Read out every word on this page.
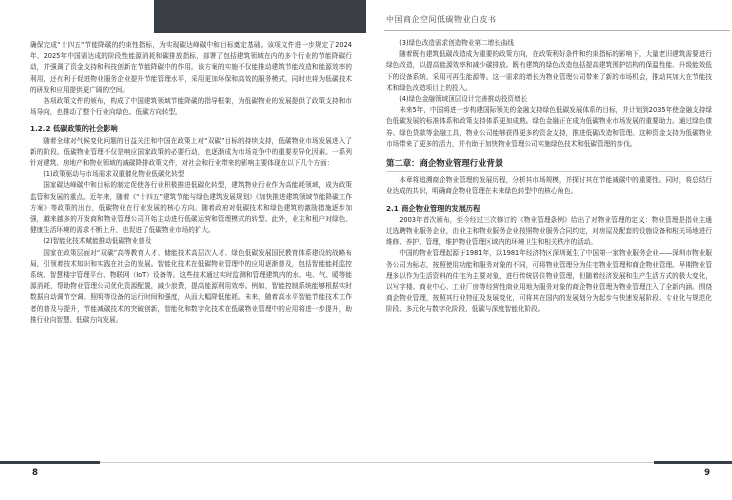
确保完成“十四五”节能降碳的约束性指标，为实现碳达峰碳中和目标奠定基础。该项文件进一步规定了2024年、2025年中国需达成的阶段性能源消耗和碳排放指标，部署了包括建筑领域在内的多个行业的节能降碳行动，并强调了资金支持和科技创新在节能降碳中的作用。该方案的实施不仅能推动建筑节能改造和能源效率的利用，还有利于促进物业服务企业提升节能管理水平，采用更加环保和高效的服务模式，同时也将为低碳技术的研发和应用提供更广阔的空间。

各项政策文件的颁布，构成了中国建筑领域节能降碳的指导框架，为低碳物业的发展提供了政策支持和市场导向，也推动了整个行业向绿色、低碳方向转型。

1.2.2 低碳政策的社会影响

随着全球对气候变化问题的日益关注和中国在政策上对“双碳”目标的持续支持，低碳物业市场发展进入了新的阶段。低碳物业管理不仅是响应国家政策的必要行动，也逐渐成为市场竞争中的重要差异化因素。一系列针对建筑、房地产和物业领域的减碳降排政策文件，对社会和行业带来的影响主要体现在以下几个方面：

(1)政策驱动与市场需求双重催化物业低碳化转型

国家碳达峰碳中和目标的制定促使各行业积极推进低碳化转型，建筑物业行业作为高能耗领域，成为政策监管和发展的重点。近年来，随着《“十四五”建筑节能与绿色建筑发展规划》《加快推进建筑领域节能降碳工作方案》等政策的出台，低碳物业在行业发展的核心方向。随着政府对低碳技术和绿色建筑的激励措施逐步加强，越来越多的开发商和物业管理公司开始主动进行低碳运营和管理模式的转型。此外，业主和租户对绿色、健康生活环境的需求不断上升，也促进了低碳物业市场的扩大。

(2)智能化技术赋能推动低碳物业普及

国家在政策层面对“双碳”高等教育人才、储能技术高层次人才、绿色低碳发展国民教育体系建设的战略布局，引领着技术知识和实践在社会的发展。智能化技术在低碳物业管理中的应用逐渐普及，包括智能能耗监控系统、智慧楼宇管理平台、物联网（IoT）设备等。这些技术通过实时监测和管理建筑内的水、电、气、暖等能源消耗，帮助物业管理公司优化资源配置，减少浪费，提高能源利用效率。例如，智能控制系统能够根据实时数据自动调节空调、照明等设备的运行时间和强度，从而大幅降低能耗。未来，随着高水平智能节能技术工作者的普及与提升，节能减碳技术的突破创新，智能化和数字化技术在低碳物业管理中的应用将进一步提升，助推行业向智慧、低碳方向发展。

8
中国商企空间低碳物业白皮书

(3)绿色改造需求创造物业第二增长曲线

随着既有建筑低碳改造成为重要的政策方向，在政策利好条件和约束指标的影响下，大量老旧建筑需要进行绿色改造，以提高能源效率和减少碳排放。既有建筑的绿色改造包括提高建筑围护结构的保温性能、升级能效低下的设备系统、采用可再生能源等。这一需求的增长为物业管理公司带来了新的市场机会，推动其加大在节能技术和绿色改造项目上的投入。

(4)绿色金融领域顶层设计完善推动投资增长

未来5年，中国将进一步构建国际领先的金融支持绿色低碳发展体系的目标，并计划到2035年使金融支持绿色低碳发展的标准体系和政策支持体系更加成熟。绿色金融正在成为低碳物业市场发展的重要助力。通过绿色债券、绿色贷款等金融工具，物业公司能够获得更多的资金支持，推进低碳改造和管理。这种资金支持为低碳物业市场带来了更多的活力，并有助于加快物业管理公司实施绿色技术和低碳管理的步伐。

第二章：商企物业管理行业背景

本章将追溯商企物业管理的发展历程，分析其市场规模，并探讨其在节能减碳中的重要性。同时，将总结行业达成的共识，明确商企物业管理在未来绿色转型中的核心角色。

2.1 商企物业管理的发展历程

2003年首次颁布，至今经过三次修订的《物业管理条例》给出了对物业管理的定义：物业管理是指业主通过选聘物业服务企业，由业主和物业服务企业按照物业服务合同约定，对房屋及配套的设施设备和相关场地进行维修、养护、管理，维护物业管理区域内的环境卫生和相关秩序的活动。

中国的物业管理起源于1981年，以1981年经济特区深圳诞生了中国第一家物业服务企业——深圳市物业服务公司为标志，按照使用功能和服务对象的不同，可将物业管理分为住宅物业管理和商企物业管理。早期物业管理多以作为生活资料的住宅为主要对象，进行传统居住物业管理，但随着经济发展和生产生活方式的极大变化，以写字楼、商业中心、工业厂房等经营性商业用地为服务对象的商企物业管理为物业管理注入了全新内涵。围绕商企物业管理，按照其行业特征及发展变化，可将其在国内的发展划分为起步与快速发展阶段、专业化与规范化阶段、多元化与数字化阶段、低碳与深度智能化阶段。

9
